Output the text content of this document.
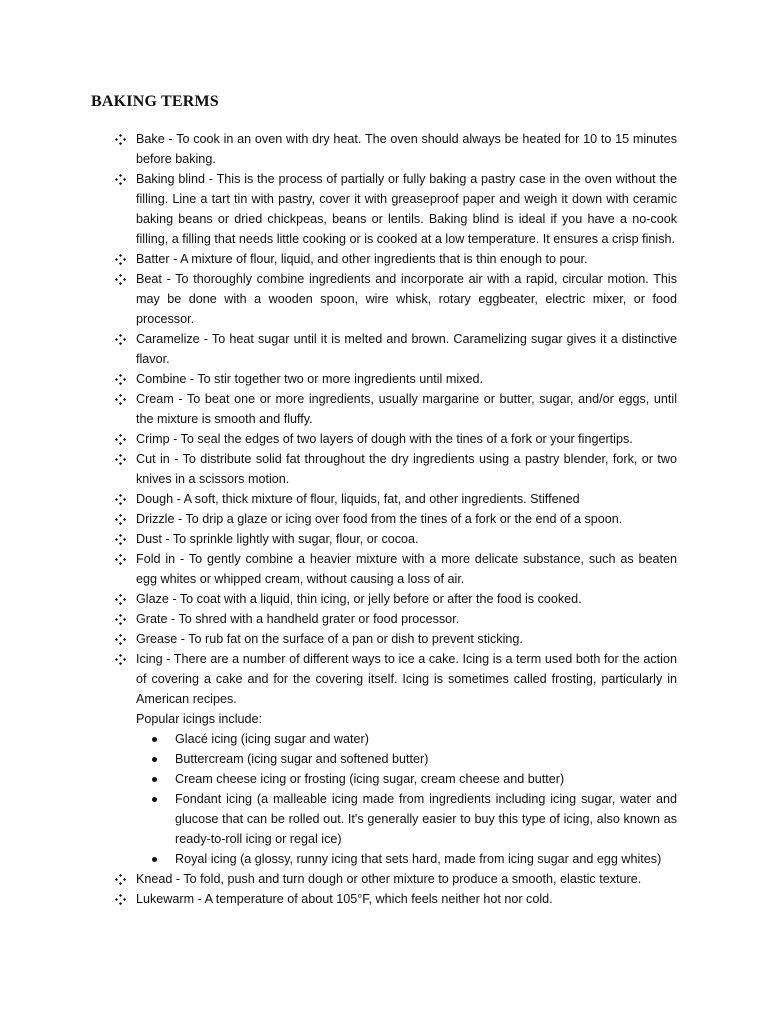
BAKING TERMS
Bake - To cook in an oven with dry heat. The oven should always be heated for 10 to 15 minutes before baking.
Baking blind - This is the process of partially or fully baking a pastry case in the oven without the filling. Line a tart tin with pastry, cover it with greaseproof paper and weigh it down with ceramic baking beans or dried chickpeas, beans or lentils. Baking blind is ideal if you have a no-cook filling, a filling that needs little cooking or is cooked at a low temperature. It ensures a crisp finish.
Batter - A mixture of flour, liquid, and other ingredients that is thin enough to pour.
Beat - To thoroughly combine ingredients and incorporate air with a rapid, circular motion. This may be done with a wooden spoon, wire whisk, rotary eggbeater, electric mixer, or food processor.
Caramelize - To heat sugar until it is melted and brown. Caramelizing sugar gives it a distinctive flavor.
Combine - To stir together two or more ingredients until mixed.
Cream - To beat one or more ingredients, usually margarine or butter, sugar, and/or eggs, until the mixture is smooth and fluffy.
Crimp - To seal the edges of two layers of dough with the tines of a fork or your fingertips.
Cut in - To distribute solid fat throughout the dry ingredients using a pastry blender, fork, or two knives in a scissors motion.
Dough - A soft, thick mixture of flour, liquids, fat, and other ingredients. Stiffened
Drizzle - To drip a glaze or icing over food from the tines of a fork or the end of a spoon.
Dust - To sprinkle lightly with sugar, flour, or cocoa.
Fold in - To gently combine a heavier mixture with a more delicate substance, such as beaten egg whites or whipped cream, without causing a loss of air.
Glaze - To coat with a liquid, thin icing, or jelly before or after the food is cooked.
Grate - To shred with a handheld grater or food processor.
Grease - To rub fat on the surface of a pan or dish to prevent sticking.
Icing - There are a number of different ways to ice a cake. Icing is a term used both for the action of covering a cake and for the covering itself. Icing is sometimes called frosting, particularly in American recipes.
Popular icings include:
Glacé icing (icing sugar and water)
Buttercream (icing sugar and softened butter)
Cream cheese icing or frosting (icing sugar, cream cheese and butter)
Fondant icing (a malleable icing made from ingredients including icing sugar, water and glucose that can be rolled out. It's generally easier to buy this type of icing, also known as ready-to-roll icing or regal ice)
Royal icing (a glossy, runny icing that sets hard, made from icing sugar and egg whites)
Knead - To fold, push and turn dough or other mixture to produce a smooth, elastic texture.
Lukewarm - A temperature of about 105°F, which feels neither hot nor cold.
